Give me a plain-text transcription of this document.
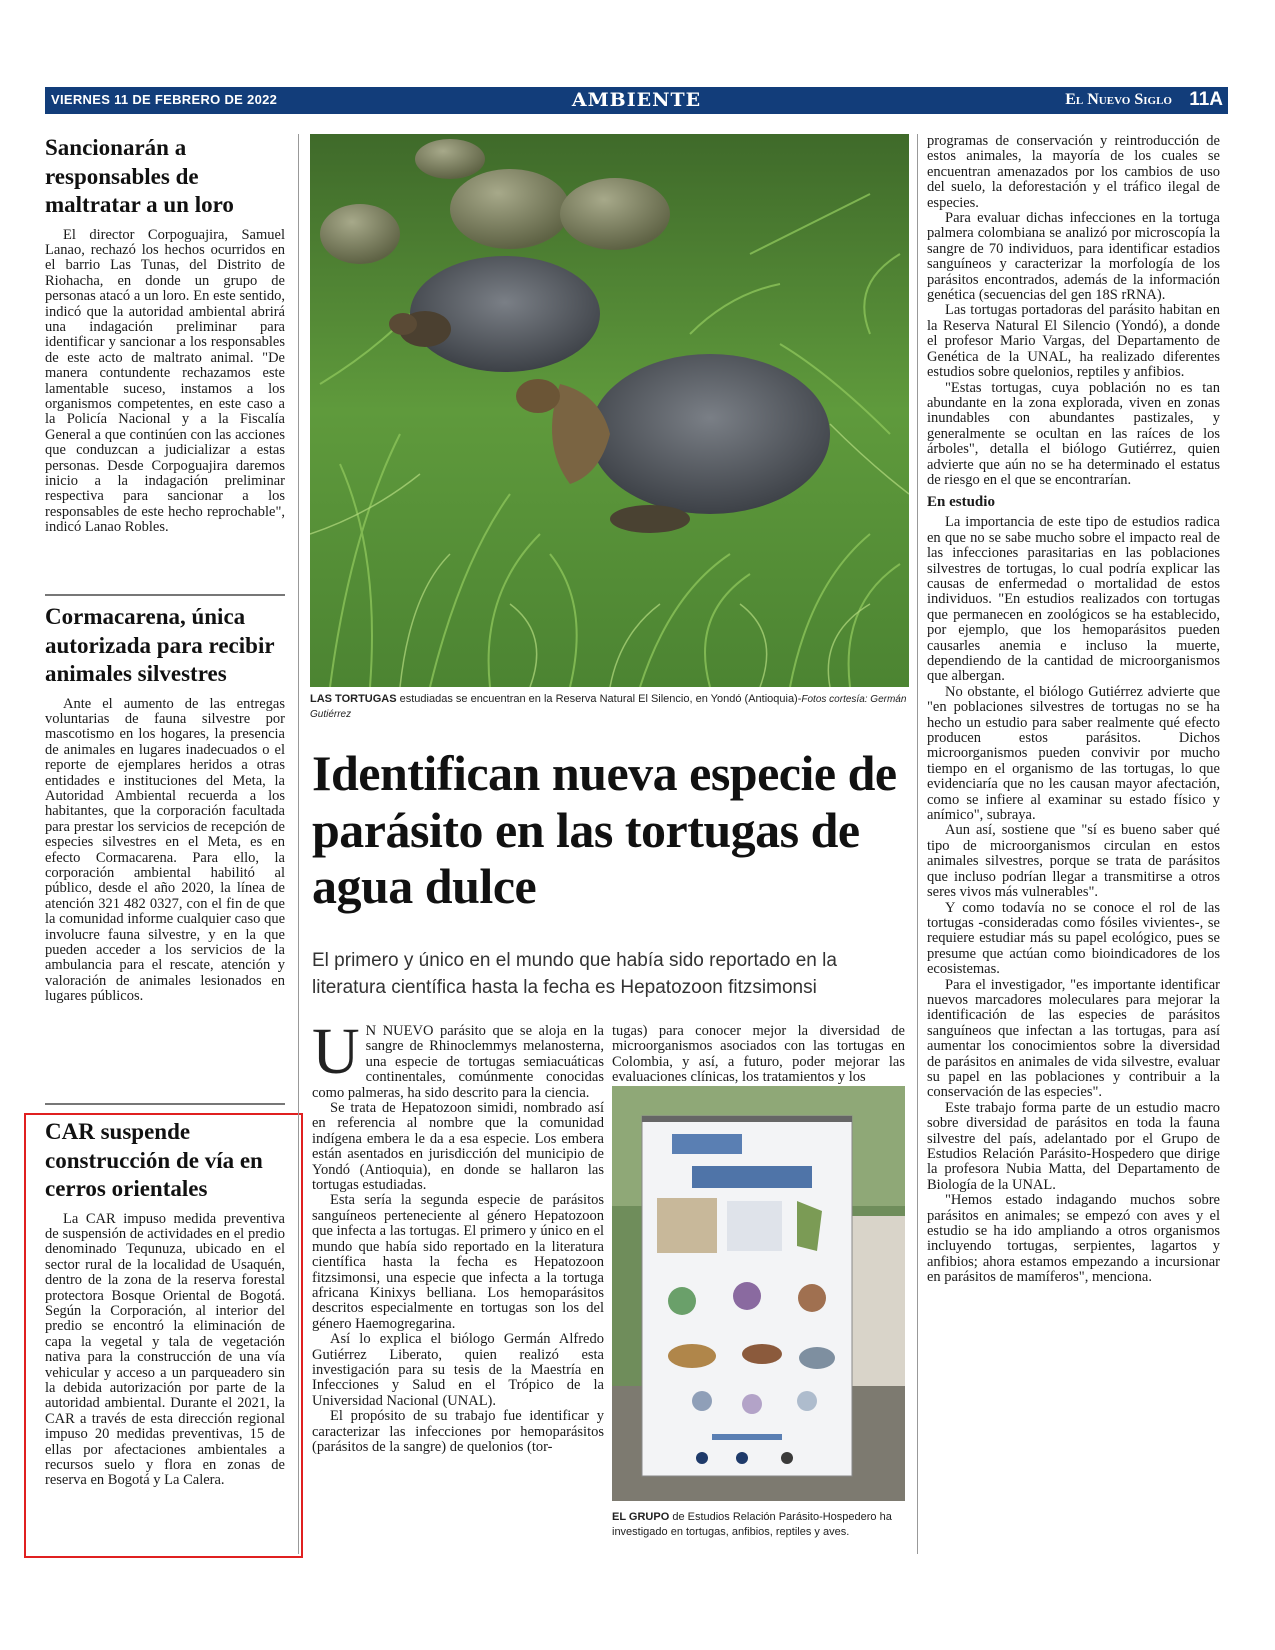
VIERNES 11 DE FEBRERO DE 2022	AMBIENTE	El Nuevo Siglo 11A
Sancionarán a responsables de maltratar a un loro

El director Corpoguajira, Samuel Lanao, rechazó los hechos ocurridos en el barrio Las Tunas, del Distrito de Riohacha, en donde un grupo de personas atacó a un loro. En este sentido, indicó que la autoridad ambiental abrirá una indagación preliminar para identificar y sancionar a los responsables de este acto de maltrato animal. "De manera contundente rechazamos este lamentable suceso, instamos a los organismos competentes, en este caso a la Policía Nacional y a la Fiscalía General a que continúen con las acciones que conduzcan a judicializar a estas personas. Desde Corpoguajira daremos inicio a la indagación preliminar respectiva para sancionar a los responsables de este hecho reprochable", indicó Lanao Robles.

Cormacarena, única autorizada para recibir animales silvestres

Ante el aumento de las entregas voluntarias de fauna silvestre por mascotismo en los hogares, la presencia de animales en lugares inadecuados o el reporte de ejemplares heridos a otras entidades e instituciones del Meta, la Autoridad Ambiental recuerda a los habitantes, que la corporación facultada para prestar los servicios de recepción de especies silvestres en el Meta, es en efecto Cormacarena. Para ello, la corporación ambiental habilitó al público, desde el año 2020, la línea de atención 321 482 0327, con el fin de que la comunidad informe cualquier caso que involucre fauna silvestre, y en la que pueden acceder a los servicios de la ambulancia para el rescate, atención y valoración de animales lesionados en lugares públicos.

CAR suspende construcción de vía en cerros orientales

La CAR impuso medida preventiva de suspensión de actividades en el predio denominado Tequnuza, ubicado en el sector rural de la localidad de Usaquén, dentro de la zona de la reserva forestal protectora Bosque Oriental de Bogotá. Según la Corporación, al interior del predio se encontró la eliminación de capa la vegetal y tala de vegetación nativa para la construcción de una vía vehicular y acceso a un parqueadero sin la debida autorización por parte de la autoridad ambiental. Durante el 2021, la CAR a través de esta dirección regional impuso 20 medidas preventivas, 15 de ellas por afectaciones ambientales a recursos suelo y flora en zonas de reserva en Bogotá y La Calera.

LAS TORTUGAS estudiadas se encuentran en la Reserva Natural El Silencio, en Yondó (Antioquia)-Fotos cortesía: Germán Gutiérrez
Identifican nueva especie de parásito en las tortugas de agua dulce
El primero y único en el mundo que había sido reportado en la literatura científica hasta la fecha es Hepatozoon fitzsimonsi

U N NUEVO parásito que se aloja en la sangre de Rhinoclemmys melanosterna, una especie de tortugas semiacuáticas continentales, comúnmente conocidas como palmeras, ha sido descrito para la ciencia.

Se trata de Hepatozoon simidi, nombrado así en referencia al nombre que la comunidad indígena embera le da a esa especie. Los embera están asentados en jurisdicción del municipio de Yondó (Antioquia), en donde se hallaron las tortugas estudiadas.

Esta sería la segunda especie de parásitos sanguíneos perteneciente al género Hepatozoon que infecta a las tortugas. El primero y único en el mundo que había sido reportado en la literatura científica hasta la fecha es Hepatozoon fitzsimonsi, una especie que infecta a la tortuga africana Kinixys belliana. Los hemoparásitos descritos especialmente en tortugas son los del género Haemogregarina.

Así lo explica el biólogo Germán Alfredo Gutiérrez Liberato, quien realizó esta investigación para su tesis de la Maestría en Infecciones y Salud en el Trópico de la Universidad Nacional (UNAL).

El propósito de su trabajo fue identificar y caracterizar las infecciones por hemoparásitos (parásitos de la sangre) de quelonios (tor-

tugas) para conocer mejor la diversidad de microorganismos asociados con las tortugas en Colombia, y así, a futuro, poder mejorar las evaluaciones clínicas, los tratamientos y los

EL GRUPO de Estudios Relación Parásito-Hospedero ha investigado en tortugas, anfibios, reptiles y aves.

programas de conservación y reintroducción de estos animales, la mayoría de los cuales se encuentran amenazados por los cambios de uso del suelo, la deforestación y el tráfico ilegal de especies.

Para evaluar dichas infecciones en la tortuga palmera colombiana se analizó por microscopía la sangre de 70 individuos, para identificar estadios sanguíneos y caracterizar la morfología de los parásitos encontrados, además de la información genética (secuencias del gen 18S rRNA).

Las tortugas portadoras del parásito habitan en la Reserva Natural El Silencio (Yondó), a donde el profesor Mario Vargas, del Departamento de Genética de la UNAL, ha realizado diferentes estudios sobre quelonios, reptiles y anfibios.

"Estas tortugas, cuya población no es tan abundante en la zona explorada, viven en zonas inundables con abundantes pastizales, y generalmente se ocultan en las raíces de los árboles", detalla el biólogo Gutiérrez, quien advierte que aún no se ha determinado el estatus de riesgo en el que se encontrarían.

En estudio

La importancia de este tipo de estudios radica en que no se sabe mucho sobre el impacto real de las infecciones parasitarias en las poblaciones silvestres de tortugas, lo cual podría explicar las causas de enfermedad o mortalidad de estos individuos. "En estudios realizados con tortugas que permanecen en zoológicos se ha establecido, por ejemplo, que los hemoparásitos pueden causarles anemia e incluso la muerte, dependiendo de la cantidad de microorganismos que albergan.

No obstante, el biólogo Gutiérrez advierte que "en poblaciones silvestres de tortugas no se ha hecho un estudio para saber realmente qué efecto producen estos parásitos. Dichos microorganismos pueden convivir por mucho tiempo en el organismo de las tortugas, lo que evidenciaría que no les causan mayor afectación, como se infiere al examinar su estado físico y anímico", subraya.

Aun así, sostiene que "sí es bueno saber qué tipo de microorganismos circulan en estos animales silvestres, porque se trata de parásitos que incluso podrían llegar a transmitirse a otros seres vivos más vulnerables".

Y como todavía no se conoce el rol de las tortugas -consideradas como fósiles vivientes-, se requiere estudiar más su papel ecológico, pues se presume que actúan como bioindicadores de los ecosistemas.

Para el investigador, "es importante identificar nuevos marcadores moleculares para mejorar la identificación de las especies de parásitos sanguíneos que infectan a las tortugas, para así aumentar los conocimientos sobre la diversidad de parásitos en animales de vida silvestre, evaluar su papel en las poblaciones y contribuir a la conservación de las especies".

Este trabajo forma parte de un estudio macro sobre diversidad de parásitos en toda la fauna silvestre del país, adelantado por el Grupo de Estudios Relación Parásito-Hospedero que dirige la profesora Nubia Matta, del Departamento de Biología de la UNAL.

"Hemos estado indagando muchos sobre parásitos en animales; se empezó con aves y el estudio se ha ido ampliando a otros organismos incluyendo tortugas, serpientes, lagartos y anfibios; ahora estamos empezando a incursionar en parásitos de mamíferos", menciona.
